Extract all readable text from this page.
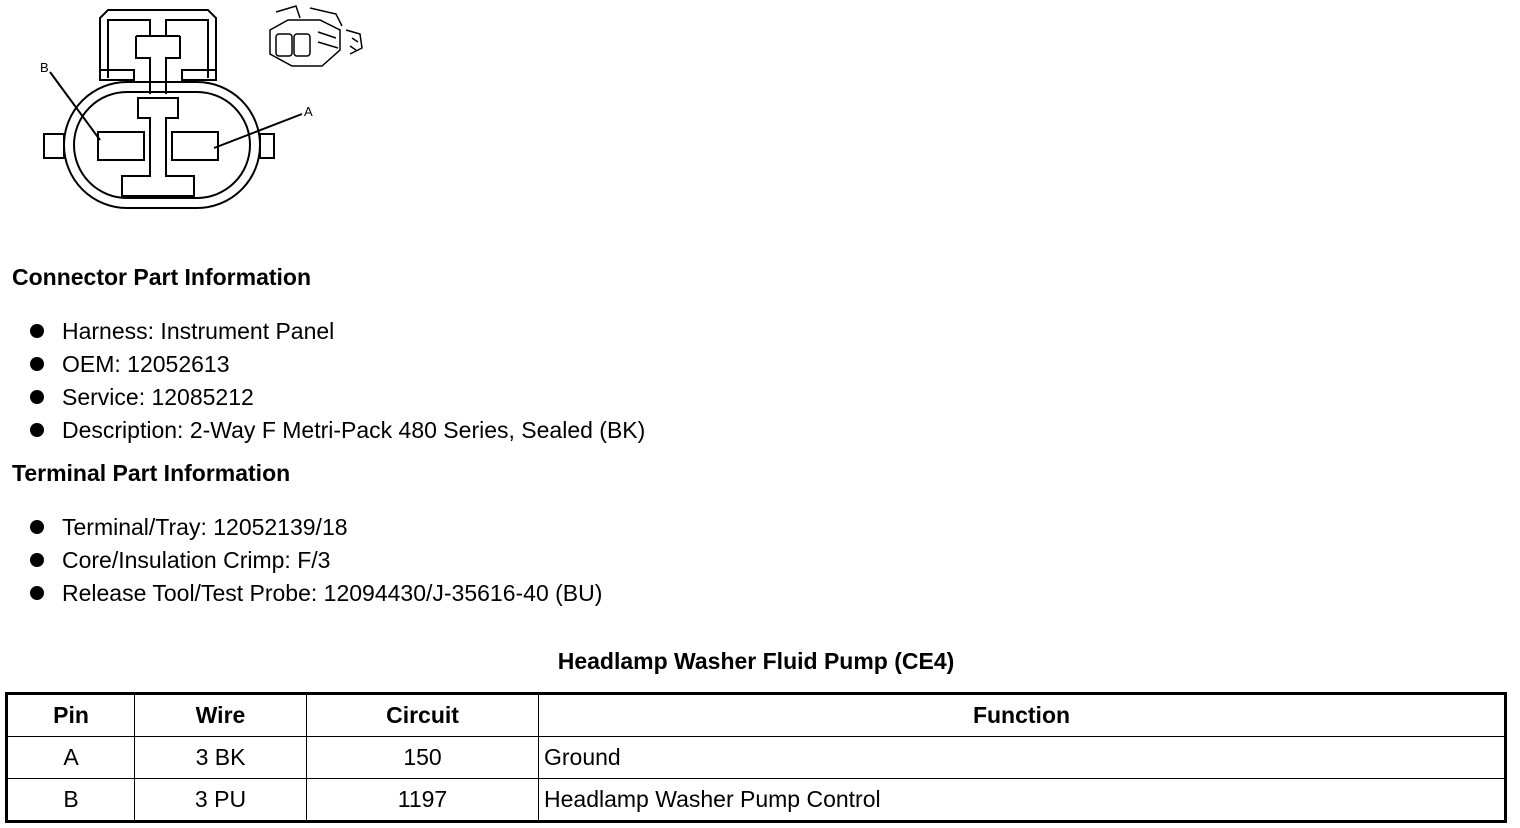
B
A
Connector Part Information
Harness: Instrument Panel
OEM: 12052613
Service: 12085212
Description: 2-Way F Metri-Pack 480 Series, Sealed (BK)
Terminal Part Information
Terminal/Tray: 12052139/18
Core/Insulation Crimp: F/3
Release Tool/Test Probe: 12094430/J-35616-40 (BU)
Headlamp Washer Fluid Pump (CE4)
Pin	Wire	Circuit	Function
A	3 BK	150	Ground
B	3 PU	1197	Headlamp Washer Pump Control
